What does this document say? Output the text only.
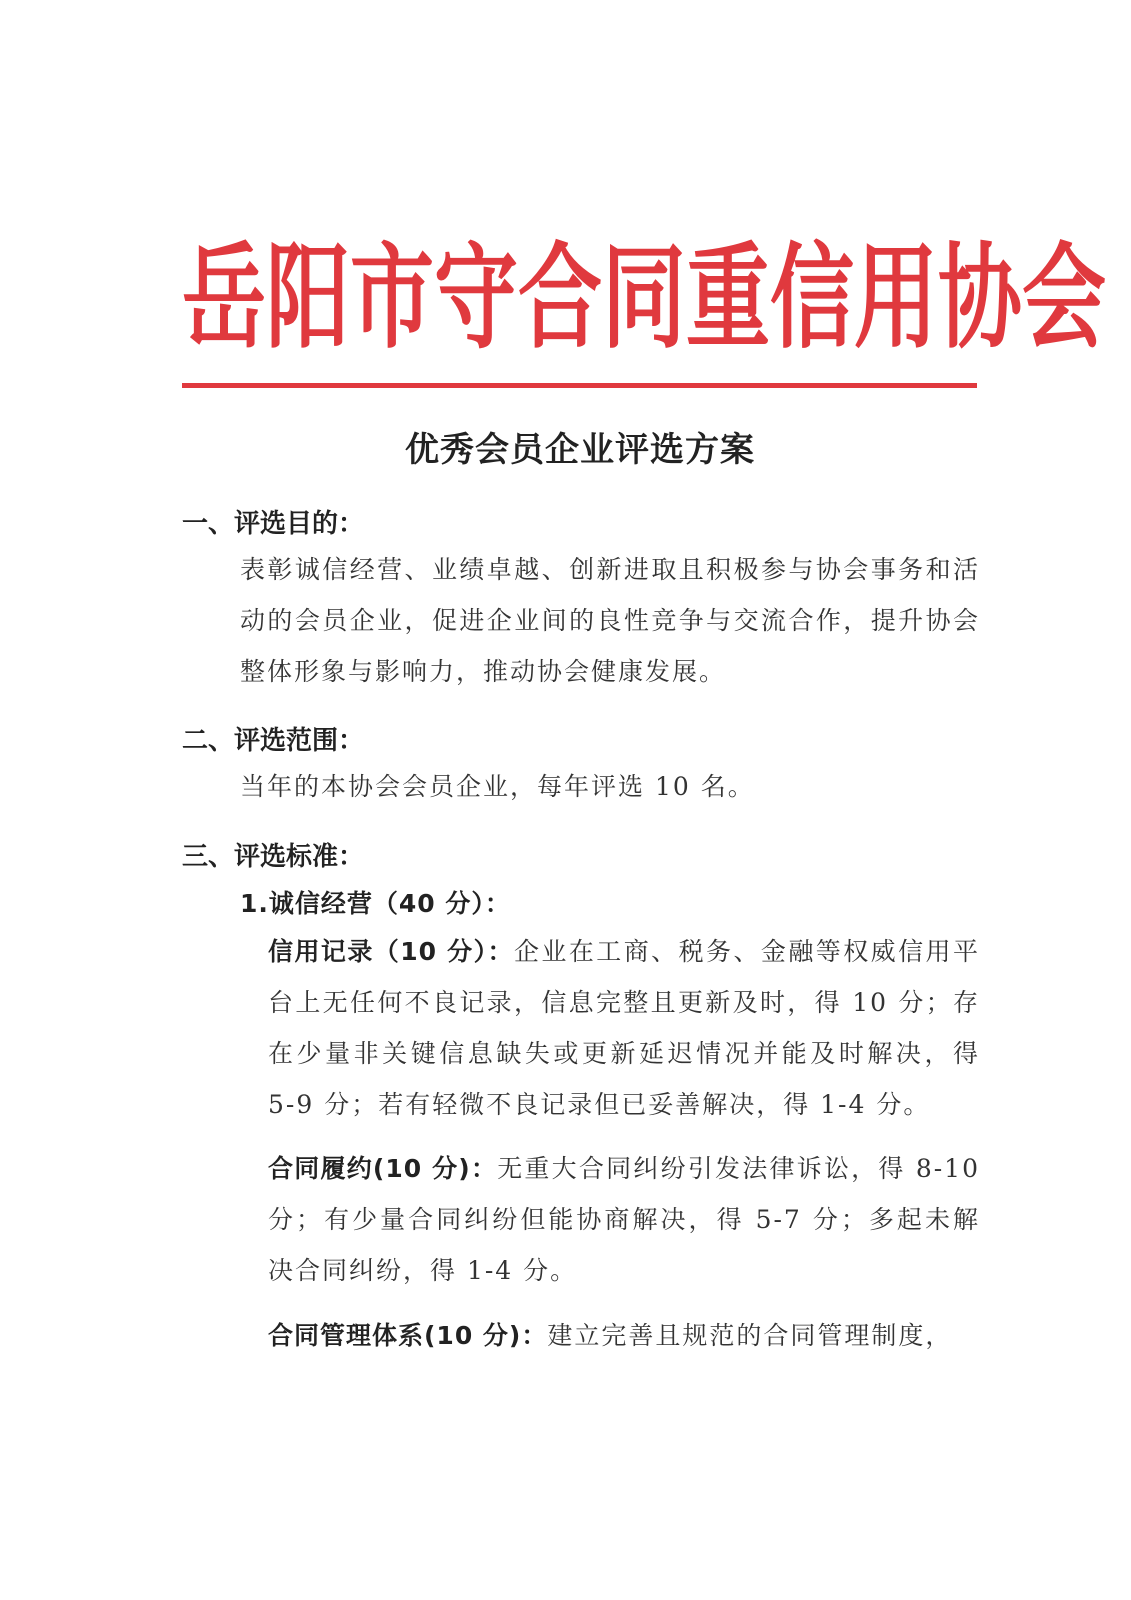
岳阳市守合同重信用协会
优秀会员企业评选方案
一、评选目的：
表彰诚信经营、业绩卓越、创新进取且积极参与协会事务和活动的会员企业，促进企业间的良性竞争与交流合作，提升协会整体形象与影响力，推动协会健康发展。
二、评选范围：
当年的本协会会员企业，每年评选 10 名。
三、评选标准：
1.诚信经营（40 分）：
信用记录（10 分）：企业在工商、税务、金融等权威信用平台上无任何不良记录，信息完整且更新及时，得 10 分；存在少量非关键信息缺失或更新延迟情况并能及时解决，得 5-9 分；若有轻微不良记录但已妥善解决，得 1-4 分。
合同履约(10 分)：无重大合同纠纷引发法律诉讼，得 8-10 分；有少量合同纠纷但能协商解决，得 5-7 分；多起未解决合同纠纷，得 1-4 分。
合同管理体系(10 分)：建立完善且规范的合同管理制度，
